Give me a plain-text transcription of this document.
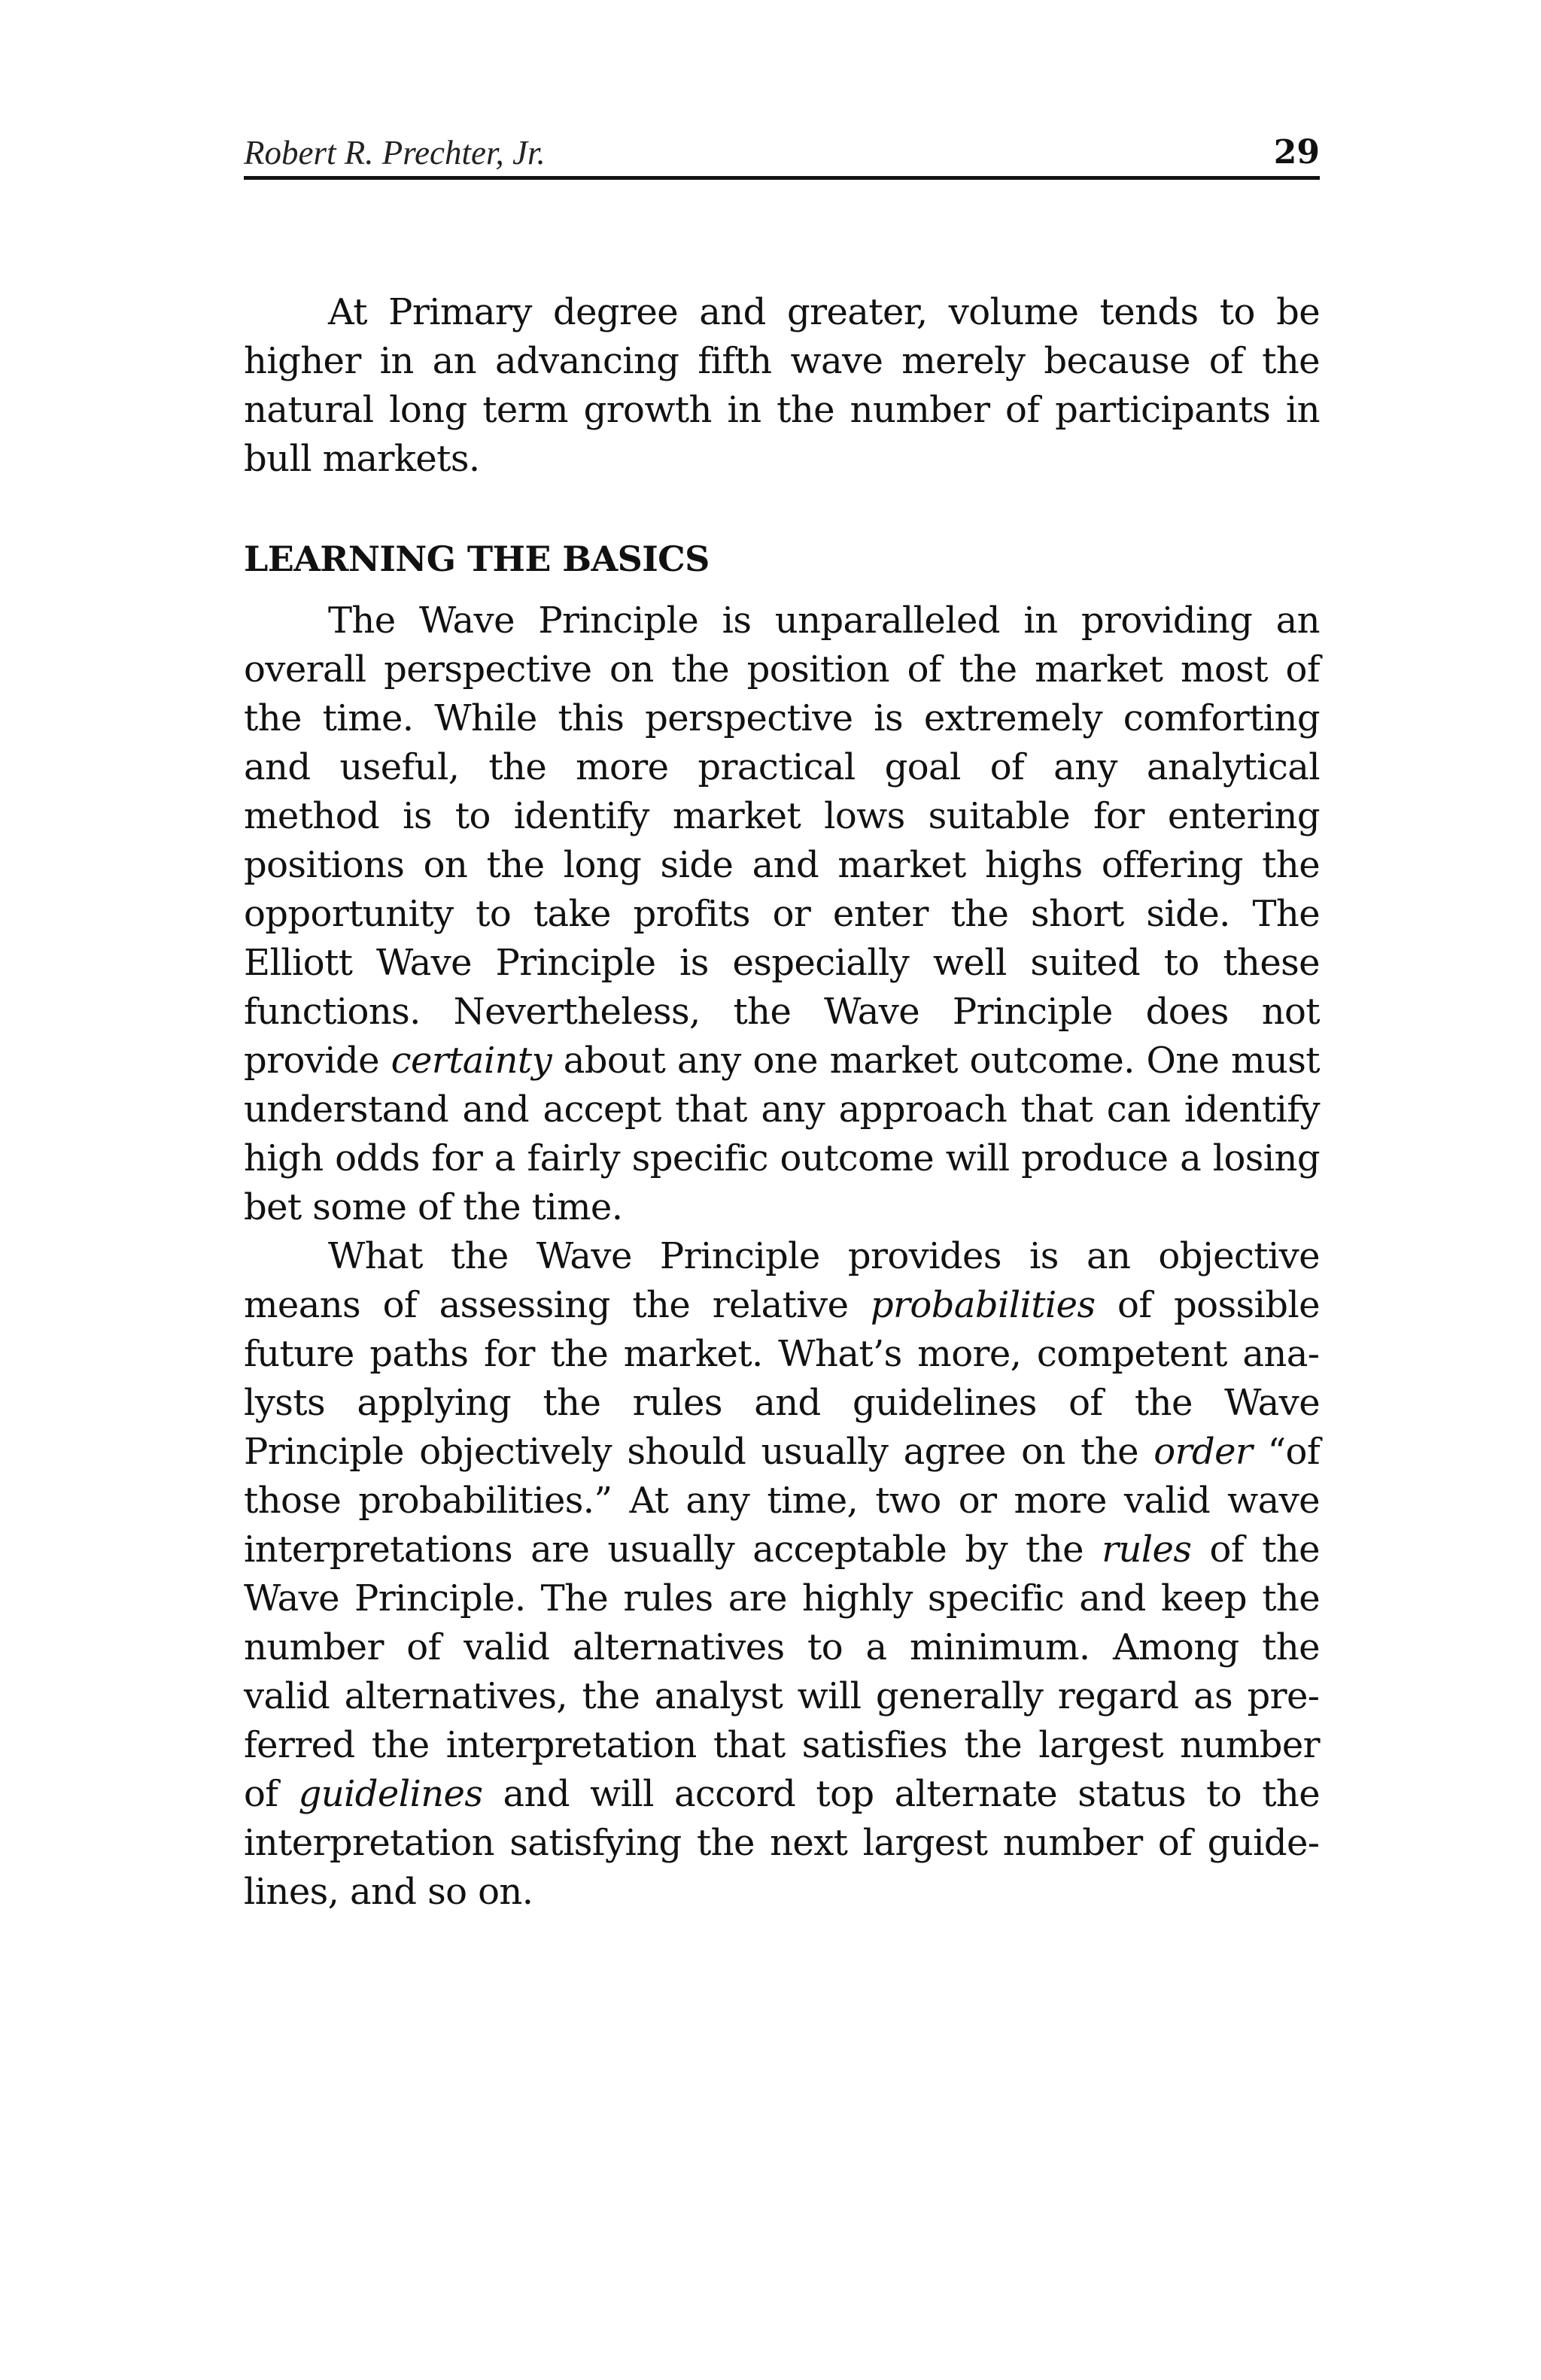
Robert R. Prechter, Jr.	29

At Primary degree and greater, volume tends to be higher in an advancing fifth wave merely because of the natural long term growth in the number of participants in bull markets.

LEARNING THE BASICS

The Wave Principle is unparalleled in providing an overall perspective on the position of the market most of the time. While this perspective is extremely comforting and useful, the more practical goal of any analytical method is to identify market lows suitable for entering positions on the long side and market highs offering the opportunity to take profits or enter the short side. The Elliott Wave Principle is especially well suited to these functions. Nevertheless, the Wave Principle does not provide certainty about any one market outcome. One must understand and accept that any approach that can identify high odds for a fairly specific outcome will produce a losing bet some of the time.

What the Wave Principle provides is an objective means of assessing the relative probabilities of possible future paths for the market. What’s more, competent analysts applying the rules and guidelines of the Wave Principle objectively should usually agree on the order “of those probabilities.” At any time, two or more valid wave interpretations are usually acceptable by the rules of the Wave Principle. The rules are highly specific and keep the number of valid alternatives to a minimum. Among the valid alternatives, the analyst will generally regard as preferred the interpretation that satisfies the largest number of guidelines and will accord top alternate status to the interpretation satisfying the next largest number of guidelines, and so on.
